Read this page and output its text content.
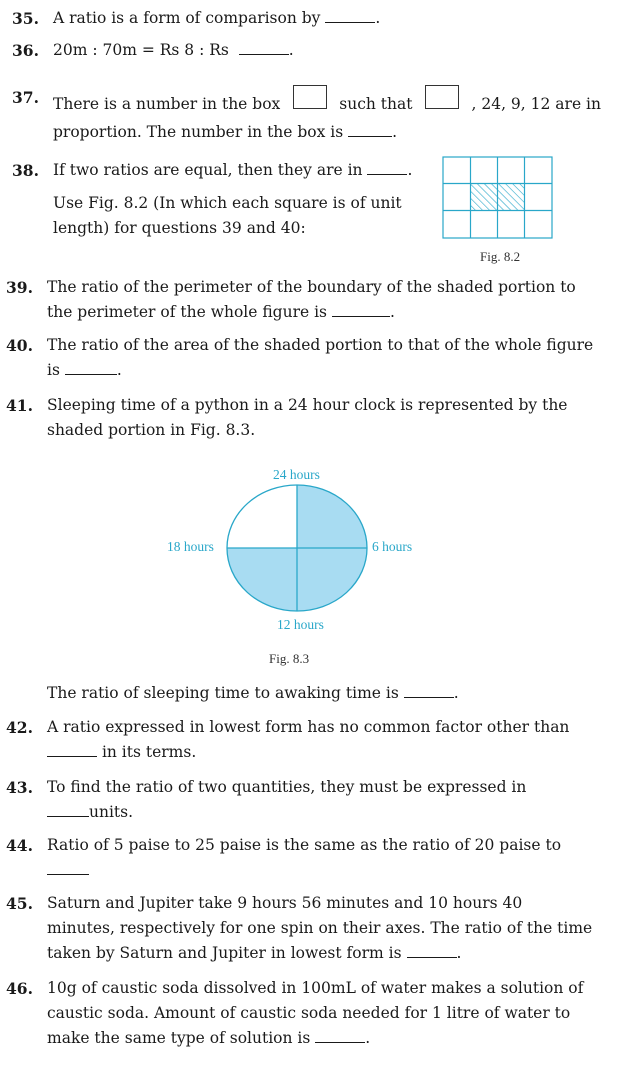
35. A ratio is a form of comparison by	.
36. 20m : 70m = Rs 8 : Rs	.
37. There is a number in the box	such that	, 24, 9, 12 are in
proportion. The number in the box is	.
38. If two ratios are equal, then they are in	.
Use Fig. 8.2 (In which each square is of unit
length) for questions 39 and 40:
Fig. 8.2
39. The ratio of the perimeter of the boundary of the shaded portion to
the perimeter of the whole figure is	.
40. The ratio of the area of the shaded portion to that of the whole figure
is	.
41. Sleeping time of a python in a 24 hour clock is represented by the
shaded portion in Fig. 8.3.
24 hours
6 hours
12 hours
18 hours
Fig. 8.3
The ratio of sleeping time to awaking time is	.
42. A ratio expressed in lowest form has no common factor other than
in its terms.
43. To find the ratio of two quantities, they must be expressed in
units.
44. Ratio of 5 paise to 25 paise is the same as the ratio of 20 paise to
45. Saturn and Jupiter take 9 hours 56 minutes and 10 hours 40
minutes, respectively for one spin on their axes. The ratio of the time
taken by Saturn and Jupiter in lowest form is	.
46. 10g of caustic soda dissolved in 100mL of water makes a solution of
caustic soda. Amount of caustic soda needed for 1 litre of water to
make the same type of solution is	.
